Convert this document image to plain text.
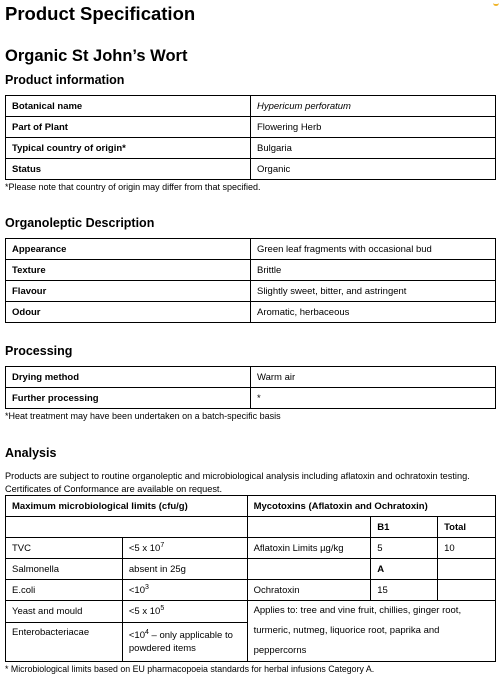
Product Specification
Organic St John’s Wort
Product information
Botanical name	Hypericum perforatum
Part of Plant	Flowering Herb
Typical country of origin*	Bulgaria
Status	Organic
*Please note that country of origin may differ from that specified.
Organoleptic Description
Appearance	Green leaf fragments with occasional bud
Texture	Brittle
Flavour	Slightly sweet, bitter, and astringent
Odour	Aromatic, herbaceous
Processing
Drying method	Warm air
Further processing	*
*Heat treatment may have been undertaken on a batch-specific basis
Analysis
Products are subject to routine organoleptic and microbiological analysis including aflatoxin and ochratoxin testing. Certificates of Conformance are available on request.
Maximum microbiological limits (cfu/g)		Mycotoxins (Aflatoxin and Ochratoxin)		
			B1	Total
TVC	<5 x $10^7$	Aflatoxin Limits µg/kg	5	10
Salmonella	absent in 25g		A	
E.coli	$<10^3$	Ochratoxin	15	
Yeast and mould	<5 x $10^5$	Applies to: tree and vine fruit, chillies, ginger root, turmeric, nutmeg, liquorice root, paprika and peppercorns		
Enterobacteriacae	$<10^4$ – only applicable to powdered items			
* Microbiological limits based on EU pharmacopoeia standards for herbal infusions Category A.
